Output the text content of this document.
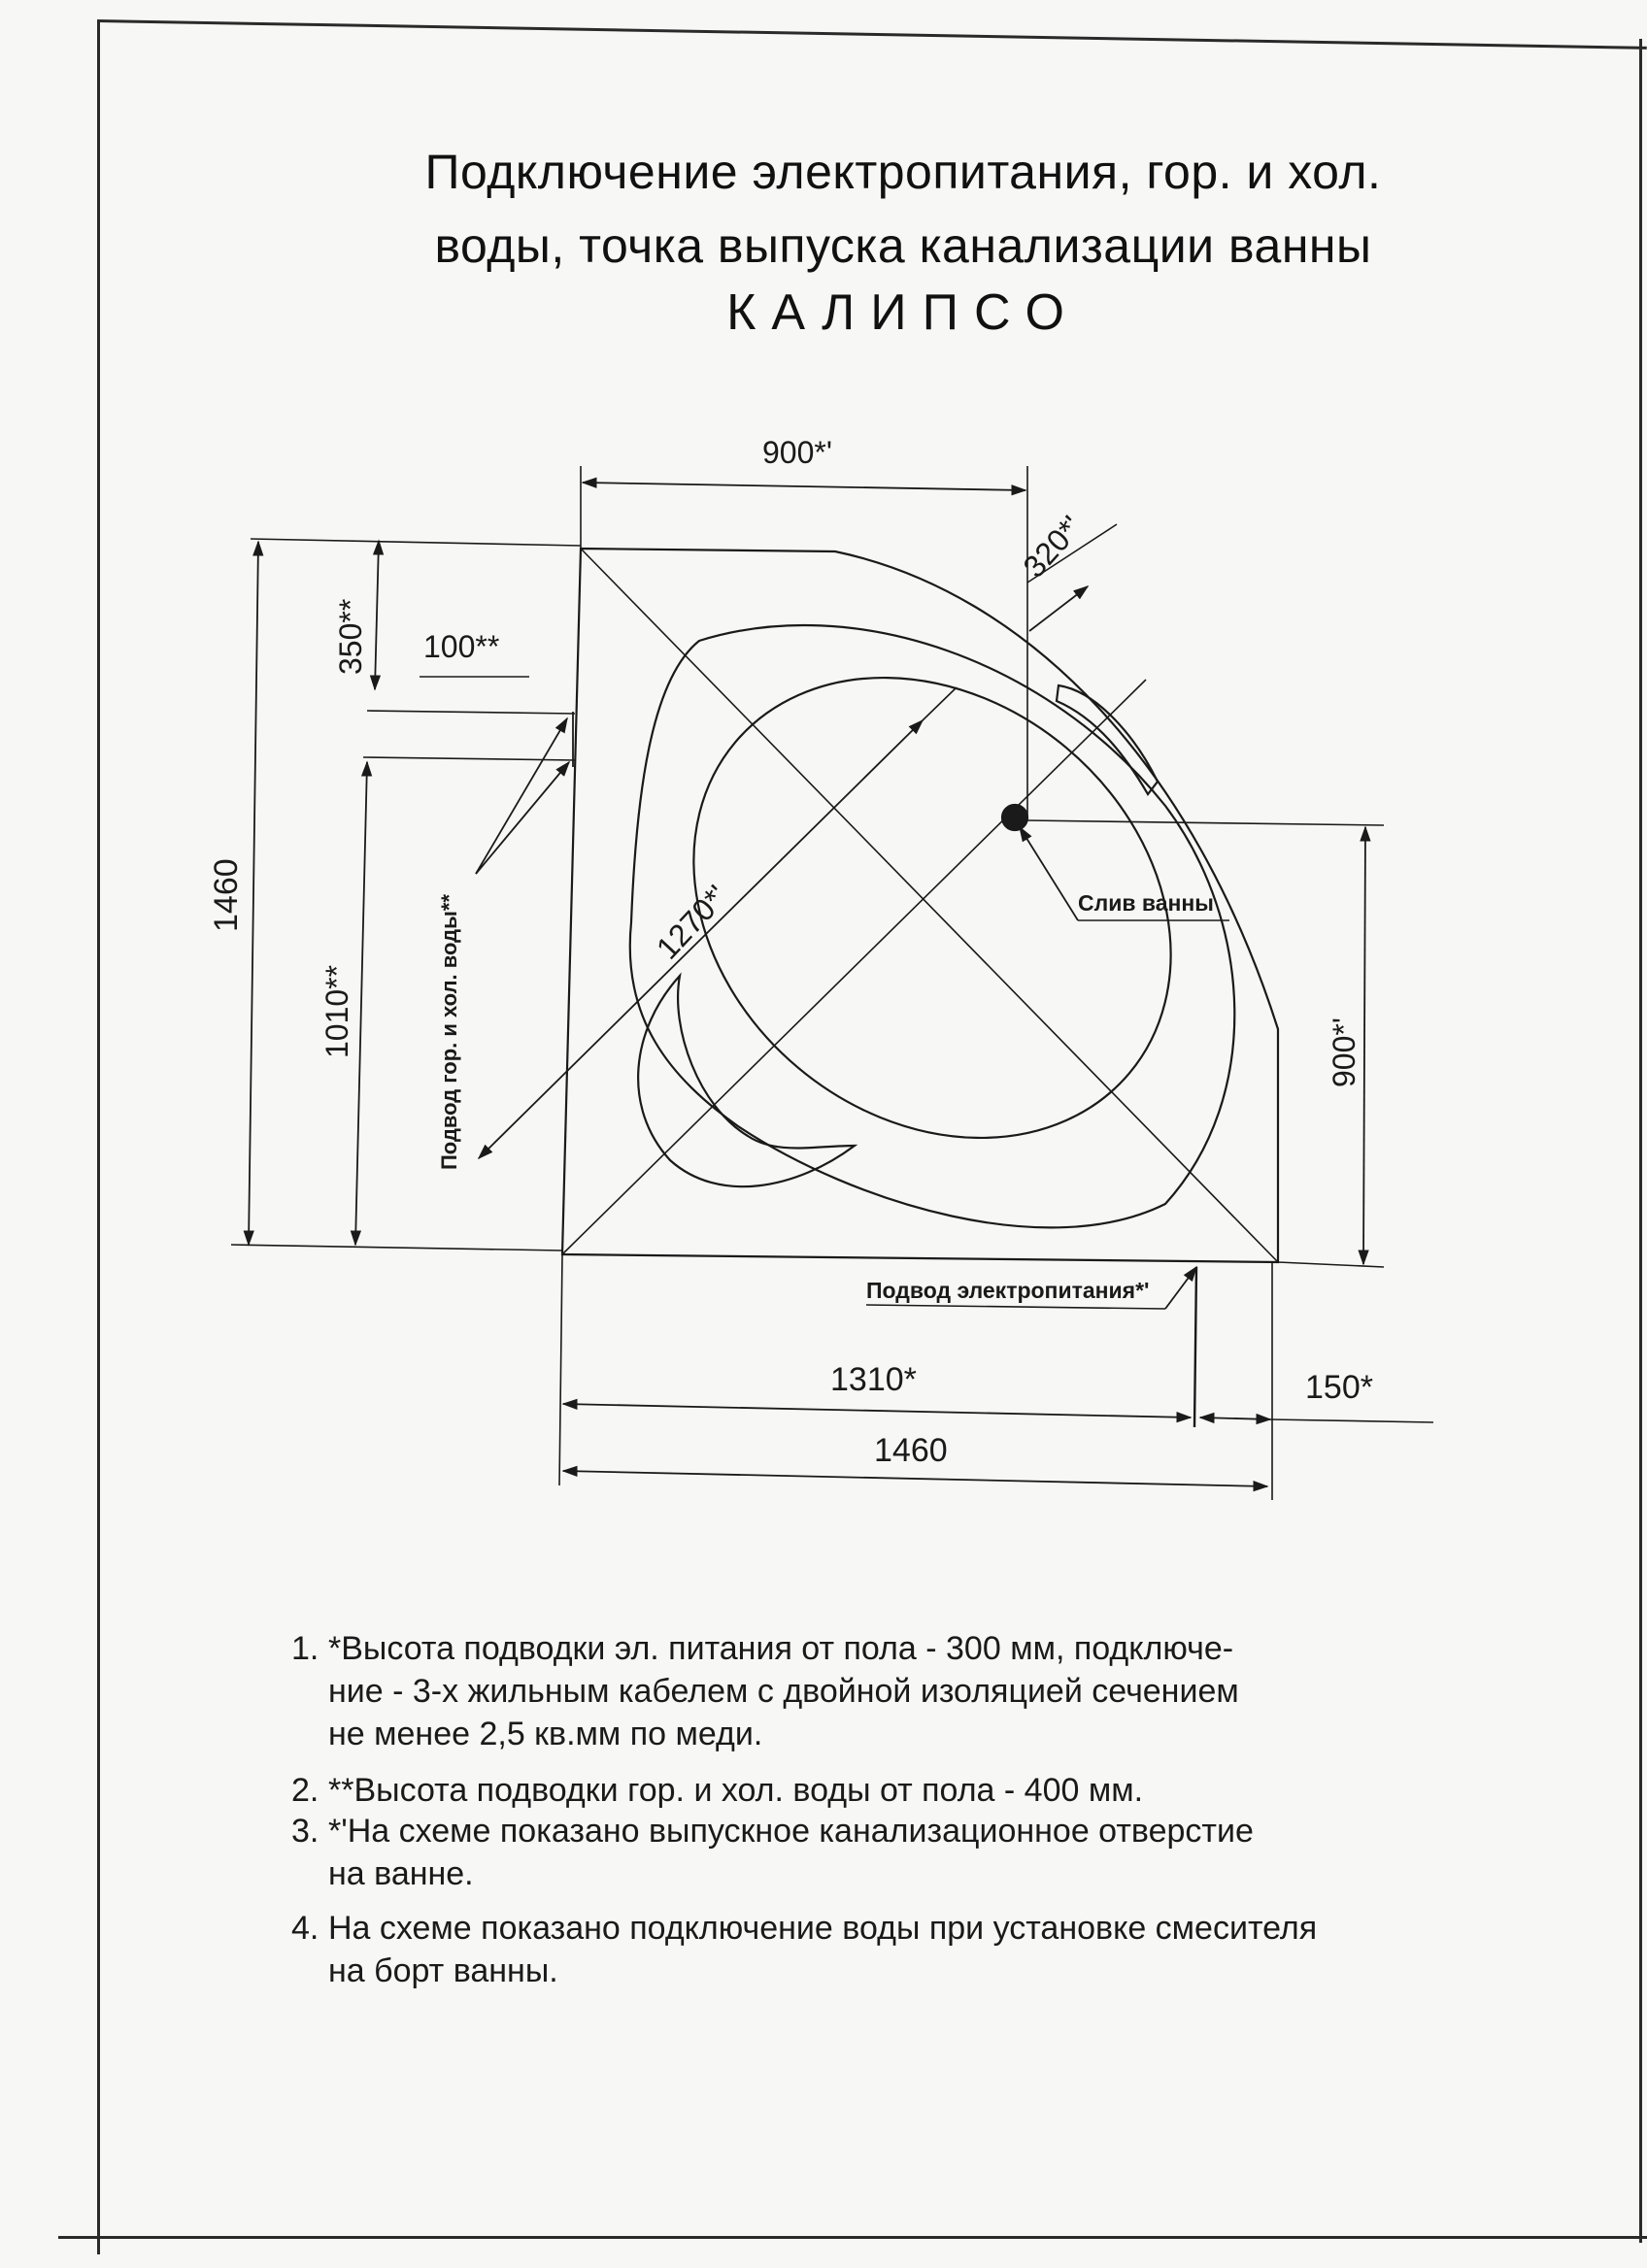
Подключение электропитания, гор. и хол.
воды, точка выпуска канализации ванны
КАЛИПСО
900*'
320*'
350** 100**
1460
1010**
1270*'
900*'
1310*	150*
1460
Подвод гор. и хол. воды**	Слив ванны
Подвод электропитания*'
1. *Высота подводки эл. питания от пола - 300 мм, подключе-
ние - 3-х жильным кабелем с двойной изоляцией сечением
не менее 2,5 кв.мм по меди.
2. **Высота подводки гор. и хол. воды от пола - 400 мм.
3. *'На схеме показано выпускное канализационное отверстие
на ванне.
4. На схеме показано подключение воды при установке смесителя
на борт ванны.
